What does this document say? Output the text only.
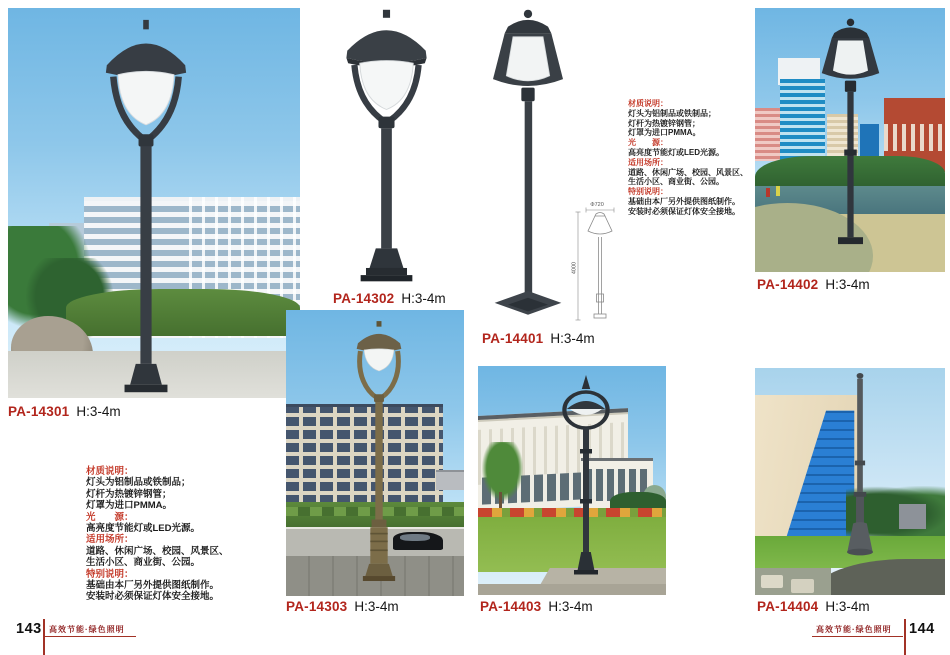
PA-14301 H:3-4m
材质说明：
灯头为铝制品或铁制品；
灯杆为热镀锌钢管；
灯罩为进口PMMA。
光　　源：
高亮度节能灯或LED光源。
适用场所：
道路、休闲广场、校园、风景区、
生活小区、商业街、公园。
特别说明：
基础由本厂另外提供图纸制作。
安装时必须保证灯体安全接地。
PA-14302 H:3-4m
PA-14401 H:3-4m
Φ720
4000
材质说明：
灯头为铝制品或铁制品；
灯杆为热镀锌钢管；
灯罩为进口PMMA。
光　　源：
高亮度节能灯或LED光源。
适用场所：
道路、休闲广场、校园、风景区、
生活小区、商业街、公园。
特别说明：
基础由本厂另外提供图纸制作。
安装时必须保证灯体安全接地。
PA-14402 H:3-4m
PA-14303 H:3-4m	PA-14403 H:3-4m	PA-14404 H:3-4m
143 高效节能·绿色照明	高效节能·绿色照明 144
